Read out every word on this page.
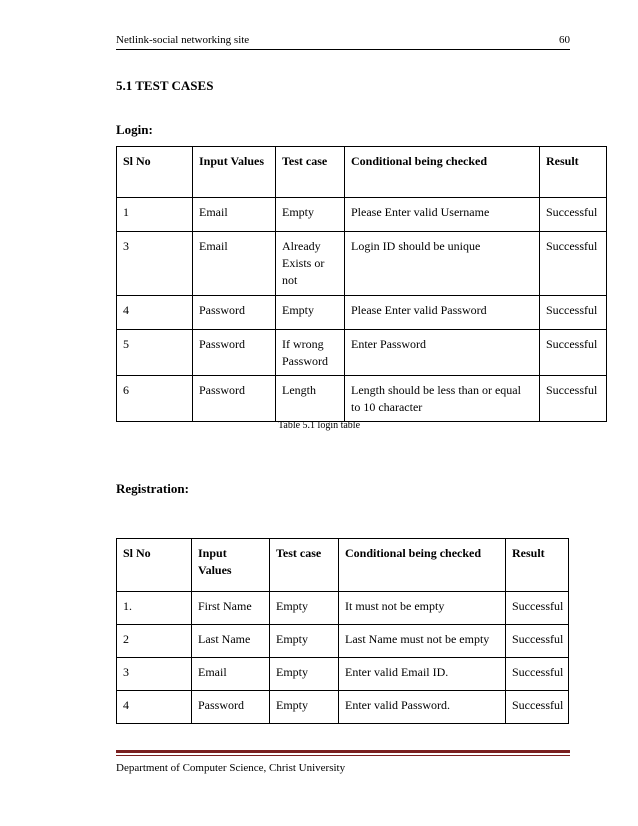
Netlink-social networking site	60
5.1 TEST CASES
Login:
Sl No	Input Values	Test case	Conditional being checked	Result
1	Email	Empty	Please Enter valid Username	Successful
3	Email	Already Exists or not	Login ID should be unique	Successful
4	Password	Empty	Please Enter valid Password	Successful
5	Password	If wrong Password	Enter Password	Successful
6	Password	Length	Length should be less than or equal to 10 character	Successful
Table 5.1 login table
Registration:
Sl No	Input Values	Test case	Conditional being checked	Result
1.	First Name	Empty	It must not be empty	Successful
2	Last Name	Empty	Last Name must not be empty	Successful
3	Email	Empty	Enter valid Email ID.	Successful
4	Password	Empty	Enter valid Password.	Successful
Department of Computer Science, Christ University
